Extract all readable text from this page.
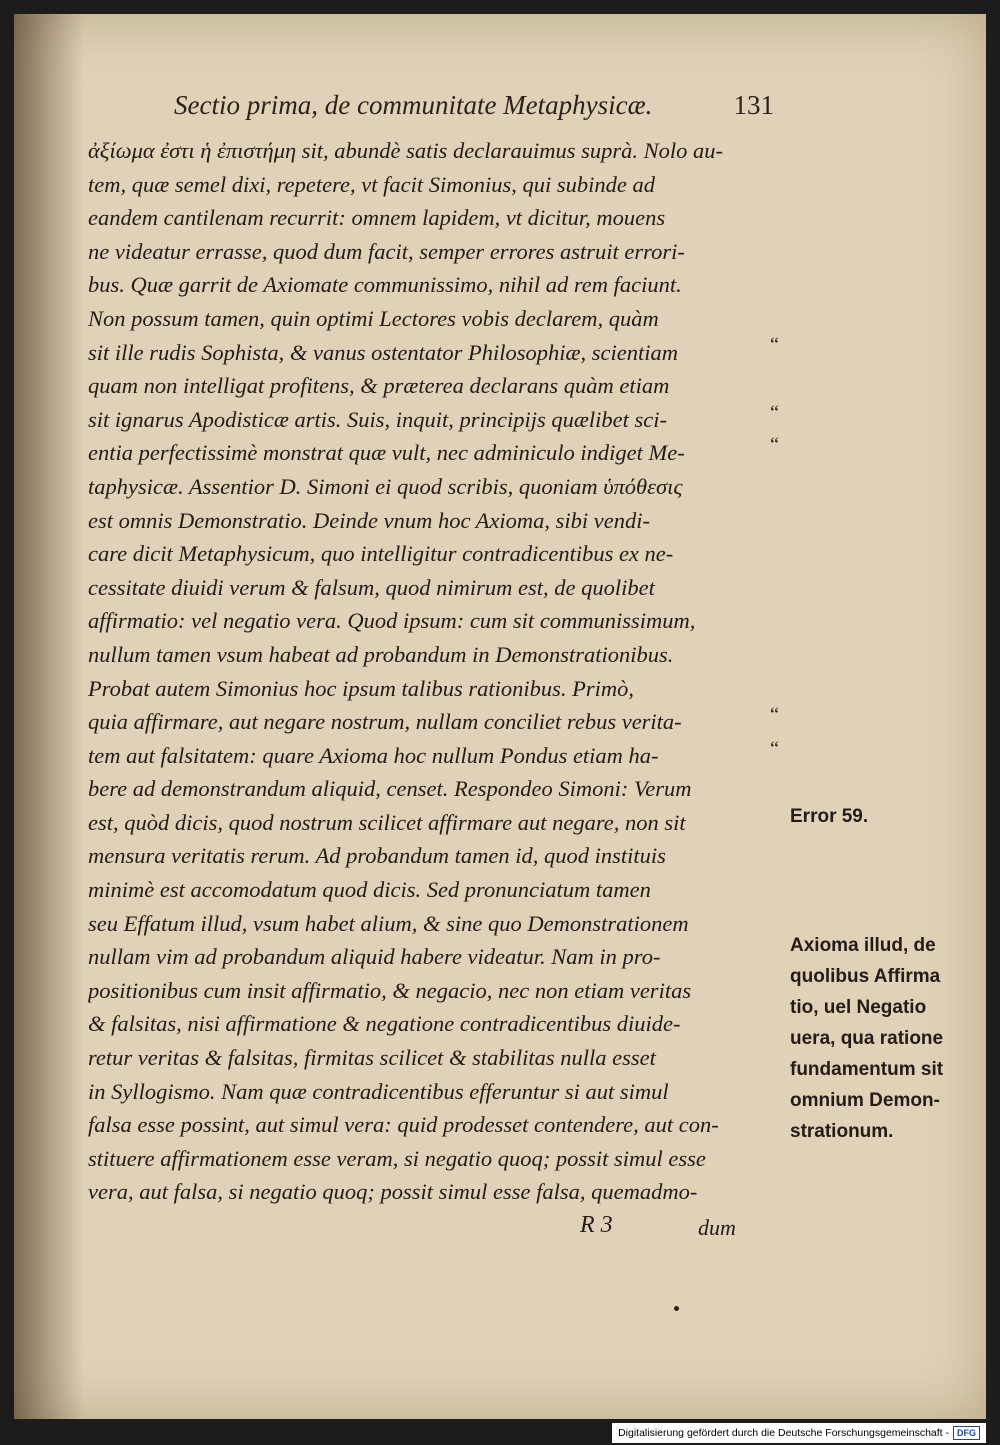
Sectio prima, de communitate Metaphysicæ.	131
ἀξίωμα ἐστι ἡ ἐπιστήμη sit, abundè satis declarauimus suprà. Nolo au-
tem, quæ semel dixi, repetere, vt facit Simonius, qui subinde ad
eandem cantilenam recurrit: omnem lapidem, vt dicitur, mouens
ne videatur errasse, quod dum facit, semper errores astruit errori-
bus. Quæ garrit de Axiomate communissimo, nihil ad rem faciunt.
Non possum tamen, quin optimi Lectores vobis declarem, quàm
sit ille rudis Sophista, & vanus ostentator Philosophiæ, scientiam
quam non intelligat profitens, & præterea declarans quàm etiam
sit ignarus Apodisticæ artis. Suis, inquit, principijs quælibet sci-
entia perfectissimè monstrat quæ vult, nec adminiculo indiget Me-
taphysicæ. Assentior D. Simoni ei quod scribis, quoniam ὑπόθεσις
est omnis Demonstratio. Deinde vnum hoc Axioma, sibi vendi-
care dicit Metaphysicum, quo intelligitur contradicentibus ex ne-
cessitate diuidi verum & falsum, quod nimirum est, de quolibet
affirmatio: vel negatio vera. Quod ipsum: cum sit communissimum,
nullum tamen vsum habeat ad probandum in Demonstrationibus.
Probat autem Simonius hoc ipsum talibus rationibus. Primò,
quia affirmare, aut negare nostrum, nullam conciliet rebus verita-
tem aut falsitatem: quare Axioma hoc nullum Pondus etiam ha-
bere ad demonstrandum aliquid, censet. Respondeo Simoni: Verum
est, quòd dicis, quod nostrum scilicet affirmare aut negare, non sit
mensura veritatis rerum. Ad probandum tamen id, quod instituis
minimè est accomodatum quod dicis. Sed pronunciatum tamen
seu Effatum illud, vsum habet alium, & sine quo Demonstrationem
nullam vim ad probandum aliquid habere videatur. Nam in pro-
positionibus cum insit affirmatio, & negacio, nec non etiam veritas
& falsitas, nisi affirmatione & negatione contradicentibus diuide-
retur veritas & falsitas, firmitas scilicet & stabilitas nulla esset
in Syllogismo. Nam quæ contradicentibus efferuntur si aut simul
falsa esse possint, aut simul vera: quid prodesset contendere, aut con-
stituere affirmationem esse veram, si negatio quoq; possit simul esse
vera, aut falsa, si negatio quoq; possit simul esse falsa, quemadmo-
“
“
“
“
“
Error 59.
Axioma illud, de
quolibus Affirma
tio, uel Negatio
uera, qua ratione
fundamentum sit
omnium Demon-
strationum.
R 3	dum
Digitalisierung gefördert durch die Deutsche Forschungsgemeinschaft - DFG
